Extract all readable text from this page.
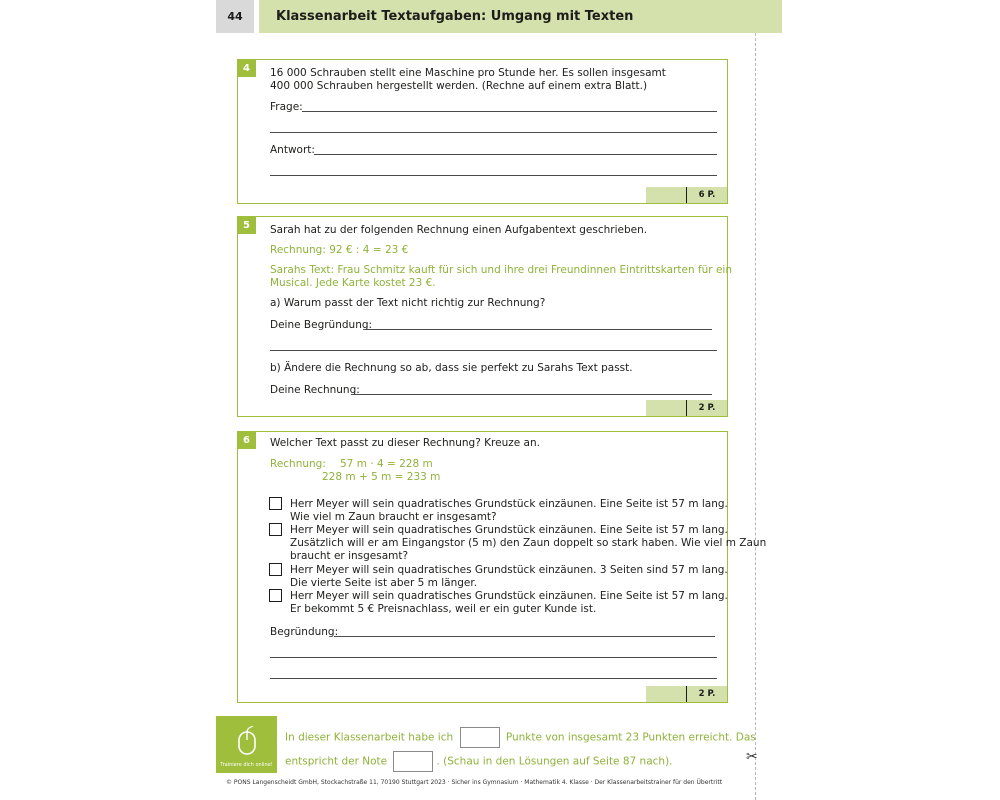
44	Klassenarbeit Textaufgaben: Umgang mit Texten
✂
4	16 000 Schrauben stellt eine Maschine pro Stunde her. Es sollen insgesamt
400 000 Schrauben hergestellt werden. (Rechne auf einem extra Blatt.)
Frage:
Antwort:
6 P.
5	Sarah hat zu der folgenden Rechnung einen Aufgabentext geschrieben.
Rechnung: 92 € : 4 = 23 €
Sarahs Text: Frau Schmitz kauft für sich und ihre drei Freundinnen Eintrittskarten für ein
Musical. Jede Karte kostet 23 €.
a) Warum passt der Text nicht richtig zur Rechnung?
Deine Begründung:
b) Ändere die Rechnung so ab, dass sie perfekt zu Sarahs Text passt.
Deine Rechnung:
2 P.
6	Welcher Text passt zu dieser Rechnung? Kreuze an.
Rechnung:	57 m · 4 = 228 m
228 m + 5 m = 233 m
Herr Meyer will sein quadratisches Grundstück einzäunen. Eine Seite ist 57 m lang.
Wie viel m Zaun braucht er insgesamt?
Herr Meyer will sein quadratisches Grundstück einzäunen. Eine Seite ist 57 m lang.
Zusätzlich will er am Eingangstor (5 m) den Zaun doppelt so stark haben. Wie viel m Zaun
braucht er insgesamt?
Herr Meyer will sein quadratisches Grundstück einzäunen. 3 Seiten sind 57 m lang.
Die vierte Seite ist aber 5 m länger.
Herr Meyer will sein quadratisches Grundstück einzäunen. Eine Seite ist 57 m lang.
Er bekommt 5 € Preisnachlass, weil er ein guter Kunde ist.
Begründung:
2 P.
Trainiere dich online!
In dieser Klassenarbeit habe ich	Punkte von insgesamt 23 Punkten erreicht. Das
entspricht der Note	. (Schau in den Lösungen auf Seite 87 nach).
© PONS Langenscheidt GmbH, Stockachstraße 11, 70190 Stuttgart 2023 · Sicher ins Gymnasium · Mathematik 4. Klasse · Der Klassenarbeitstrainer für den Übertritt
